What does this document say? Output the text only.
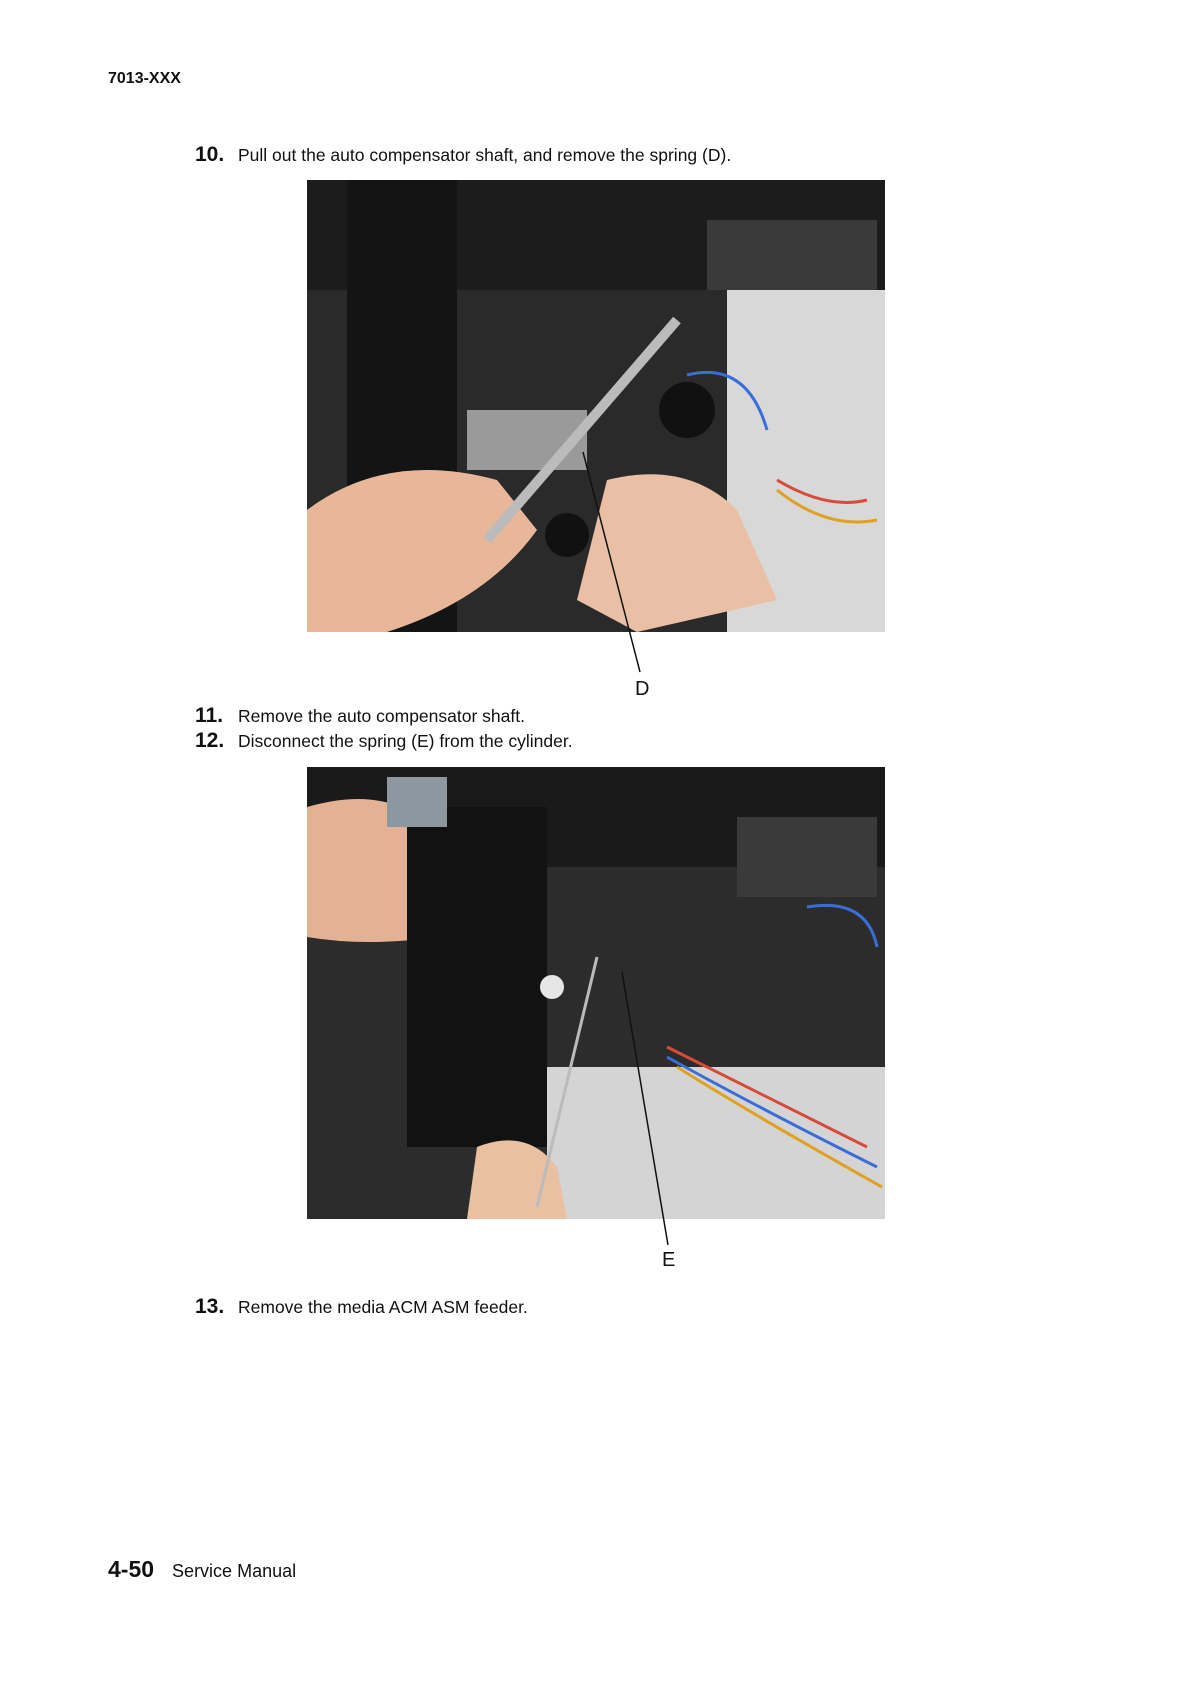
7013-XXX
10. Pull out the auto compensator shaft, and remove the spring (D).
D
11. Remove the auto compensator shaft.
12. Disconnect the spring (E) from the cylinder.
E
13. Remove the media ACM ASM feeder.
4-50 Service Manual
